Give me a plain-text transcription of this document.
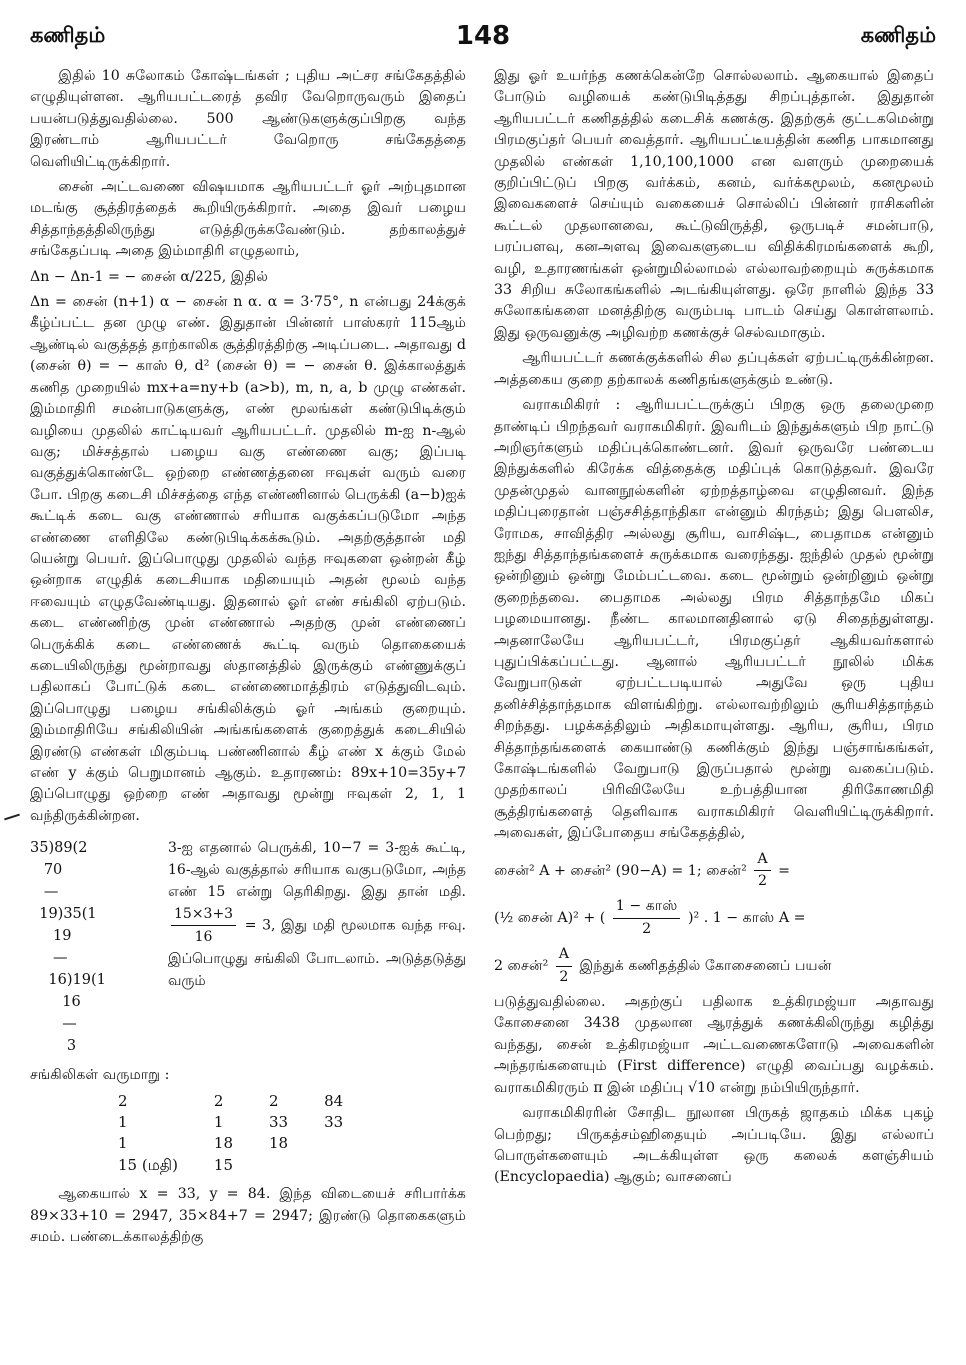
கணிதம்	148	கணிதம்

இதில் 10 சுலோகம் கோஷ்டங்கள் ; புதிய அட்சர சங்கேதத்தில் எழுதியுள்ளன. ஆரியபட்டரைத் தவிர வேறொருவரும் இதைப் பயன்படுத்துவதில்லை. 500 ஆண்டுகளுக்குப்பிறகு வந்த இரண்டாம் ஆரியபட்டர் வேறொரு சங்கேதத்தை வெளியிட்டிருக்கிறார்.

சைன் அட்டவணை விஷயமாக ஆரியபட்டர் ஓர் அற்புதமான மடங்கு சூத்திரத்தைக் கூறியிருக்கிறார். அதை இவர் பழைய சித்தாந்தத்திலிருந்து எடுத்திருக்கவேண்டும். தற்காலத்துச் சங்கேதப்படி அதை இம்மாதிரி எழுதலாம்,

Δn − Δn-1 = − சைன் α/225, இதில்

Δn = சைன் (n+1) α − சைன் n α. α = 3·75°, n என்பது 24க்குக் கீழ்ப்பட்ட தன முழு எண். இதுதான் பின்னர் பாஸ்கரர் 115ஆம் ஆண்டில் வகுத்தத் தாற்காலிக சூத்திரத்திற்கு அடிப்படை. அதாவது d (சைன் θ) = − காஸ் θ, d² (சைன் θ) = − சைன் θ. இக்காலத்துக் கணித முறையில் mx+a=ny+b (a>b), m, n, a, b முழு எண்கள். இம்மாதிரி சமன்பாடுகளுக்கு, எண் மூலங்கள் கண்டுபிடிக்கும் வழியை முதலில் காட்டியவர் ஆரியபட்டர். முதலில் m-ஐ n-ஆல் வகு; மிச்சத்தால் பழைய வகு எண்ணை வகு; இப்படி வகுத்துக்கொண்டே ஒற்றை எண்ணத்தனை ஈவுகள் வரும் வரை போ. பிறகு கடைசி மிச்சத்தை எந்த எண்ணினால் பெருக்கி (a−b)ஐக் கூட்டிக் கடை வகு எண்ணால் சரியாக வகுக்கப்படுமோ அந்த எண்ணை எளிதிலே கண்டுபிடிக்கக்கூடும். அதற்குத்தான் மதி யென்று பெயர். இப்பொழுது முதலில் வந்த ஈவுகளை ஒன்றன் கீழ் ஒன்றாக எழுதிக் கடைசியாக மதியையும் அதன் மூலம் வந்த ஈவையும் எழுதவேண்டியது. இதனால் ஓர் எண் சங்கிலி ஏற்படும். கடை எண்ணிற்கு முன் எண்ணால் அதற்கு முன் எண்ணைப் பெருக்கிக் கடை எண்ணைக் கூட்டி வரும் தொகையைக் கடையிலிருந்து மூன்றாவது ஸ்தானத்தில் இருக்கும் எண்ணுக்குப் பதிலாகப் போட்டுக் கடை எண்ணைமாத்திரம் எடுத்துவிடவும். இப்பொழுது பழைய சங்கிலிக்கும் ஓர் அங்கம் குறையும். இம்மாதிரியே சங்கிலியின் அங்கங்களைக் குறைத்துக் கடைசியில் இரண்டு எண்கள் மிகும்படி பண்ணினால் கீழ் எண் x க்கும் மேல் எண் y க்கும் பெறுமானம் ஆகும். உதாரணம்: 89x+10=35y+7 இப்பொழுது ஒற்றை எண் அதாவது மூன்று ஈவுகள் 2, 1, 1 வந்திருக்கின்றன.

35)89(2
70
—
19)35(1
19
—
16)19(1
16
—
3
3-ஐ எதனால் பெருக்கி, 10−7 = 3-ஐக் கூட்டி, 16-ஆல் வகுத்தால் சரியாக வகுபடுமோ, அந்த எண் 15 என்று தெரிகிறது. இது தான் மதி.
$\frac{15\times 3+3}{16} = 3$, இது மதி மூலமாக வந்த ஈவு. இப்பொழுது சங்கிலி போடலாம். அடுத்தடுத்து வரும்

சங்கிலிகள் வருமாறு :

2	2	2	84
1	1	33	33
1	18	18	
15 (மதி)	15		

ஆகையால் x = 33, y = 84. இந்த விடையைச் சரிபார்க்க 89×33+10 = 2947, 35×84+7 = 2947; இரண்டு தொகைகளும் சமம். பண்டைக்காலத்திற்கு

இது ஓர் உயர்ந்த கணக்கென்றே சொல்லலாம். ஆகையால் இதைப் போடும் வழியைக் கண்டுபிடித்தது சிறப்புத்தான். இதுதான் ஆரியபட்டர் கணிதத்தில் கடைசிக் கணக்கு. இதற்குக் குட்டகமென்று பிரமகுப்தர் பெயர் வைத்தார். ஆரியபட்டீயத்தின் கணித பாகமானது முதலில் எண்கள் 1,10,100,1000 என வளரும் முறையைக் குறிப்பிட்டுப் பிறகு வர்க்கம், கனம், வர்க்கமூலம், கனமூலம் இவைகளைச் செய்யும் வகையைச் சொல்லிப் பின்னர் ராசிகளின் கூட்டல் முதலானவை, கூட்டுவிருத்தி, ஒருபடிச் சமன்பாடு, பரப்பளவு, கனஅளவு இவைகளுடைய விதிக்கிரமங்களைக் கூறி, வழி, உதாரணங்கள் ஒன்றுமில்லாமல் எல்லாவற்றையும் சுருக்கமாக 33 சிறிய சுலோகங்களில் அடங்கியுள்ளது. ஒரே நாளில் இந்த 33 சுலோகங்களை மனத்திற்கு வரும்படி பாடம் செய்து கொள்ளலாம். இது ஒருவனுக்கு அழிவற்ற கணக்குச் செல்வமாகும்.

ஆரியபட்டர் கணக்குக்களில் சில தப்புக்கள் ஏற்பட்டிருக்கின்றன. அத்தகைய குறை தற்காலக் கணிதங்களுக்கும் உண்டு.

வராகமிகிரர் : ஆரியபட்டருக்குப் பிறகு ஒரு தலைமுறை தாண்டிப் பிறந்தவர் வராகமிகிரர். இவரிடம் இந்துக்களும் பிற நாட்டு அறிஞர்களும் மதிப்புக்கொண்டனர். இவர் ஒருவரே பண்டைய இந்துக்களில் கிரேக்க வித்தைக்கு மதிப்புக் கொடுத்தவர். இவரே முதன்முதல் வானநூல்களின் ஏற்றத்தாழ்வை எழுதினவர். இந்த மதிப்புரைதான் பஞ்சசித்தாந்திகா என்னும் கிரந்தம்; இது பௌலிச, ரோமக, சாவித்திர அல்லது சூரிய, வாசிஷ்ட, பைதாமக என்னும் ஐந்து சித்தாந்தங்களைச் சுருக்கமாக வரைந்தது. ஐந்தில் முதல் மூன்று ஒன்றினும் ஒன்று மேம்பட்டவை. கடை மூன்றும் ஒன்றினும் ஒன்று குறைந்தவை. பைதாமக அல்லது பிரம சித்தாந்தமே மிகப் பழமையானது. நீண்ட காலமானதினால் ஏடு சிதைந்துள்ளது. அதனாலேயே ஆரியபட்டர், பிரமகுப்தர் ஆகியவர்களால் புதுப்பிக்கப்பட்டது. ஆனால் ஆரியபட்டர் நூலில் மிக்க வேறுபாடுகள் ஏற்பட்டபடியால் அதுவே ஒரு புதிய தனிச்சித்தாந்தமாக விளங்கிற்று. எல்லாவற்றிலும் சூரியசித்தாந்தம் சிறந்தது. பழக்கத்திலும் அதிகமாயுள்ளது. ஆரிய, சூரிய, பிரம சித்தாந்தங்களைக் கையாண்டு கணிக்கும் இந்து பஞ்சாங்கங்கள், கோஷ்டங்களில் வேறுபாடு இருப்பதால் மூன்று வகைப்படும். முதற்காலப் பிரிவிலேயே உற்பத்தியான திரிகோணமிதி சூத்திரங்களைத் தெளிவாக வராகமிகிரர் வெளியிட்டிருக்கிறார். அவைகள், இப்போதைய சங்கேதத்தில்,

சைன்² A + சைன்² (90−A) = 1; சைன்² $\frac{A}{2}$ =
(½ சைன் A)² + ( $\frac{\text{1 − காஸ்}}{2} )^2$ . 1 − காஸ் A =
2 சைன்² $\frac{A}{2}$ இந்துக் கணிதத்தில் கோசைனைப் பயன்

படுத்துவதில்லை. அதற்குப் பதிலாக உத்கிரமஜ்யா அதாவது கோசைனை 3438 முதலான ஆரத்துக் கணக்கிலிருந்து கழித்து வந்தது, சைன் உத்கிரமஜ்யா அட்டவணைகளோடு அவைகளின் அந்தரங்களையும் (First difference) எழுதி வைப்பது வழக்கம். வராகமிகிரரும் π இன் மதிப்பு √10 என்று நம்பியிருந்தார்.

வராகமிகிரரின் சோதிட நூலான பிருகத் ஜாதகம் மிக்க புகழ் பெற்றது; பிருகத்சம்ஹிதையும் அப்படியே. இது எல்லாப் பொருள்களையும் அடக்கியுள்ள ஒரு கலைக் களஞ்சியம் (Encyclopaedia) ஆகும்; வாசனைப்
